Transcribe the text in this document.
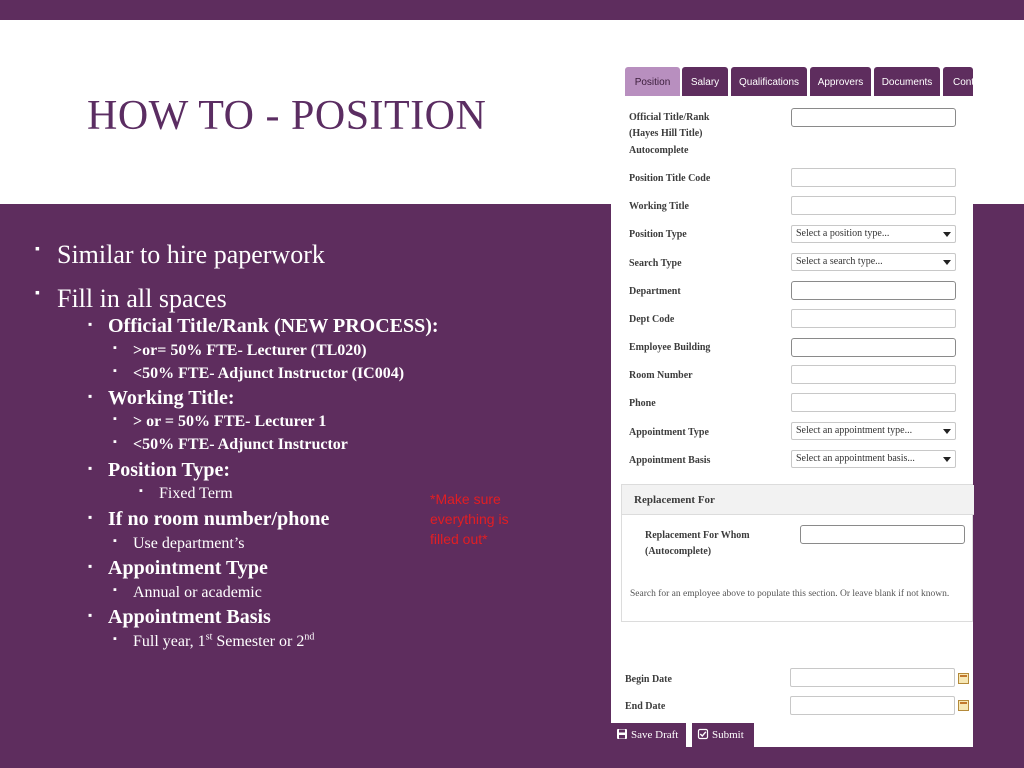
HOW TO - POSITION
▪ Similar to hire paperwork
▪ Fill in all spaces
▪ Official Title/Rank (NEW PROCESS):
▪ >or= 50% FTE- Lecturer (TL020)
▪ <50% FTE- Adjunct Instructor (IC004)
▪ Working Title:
▪ > or = 50% FTE- Lecturer 1
▪ <50% FTE- Adjunct Instructor
▪ Position Type:
▪ Fixed Term
▪ If no room number/phone
▪ Use department’s
▪ Appointment Type
▪ Annual or academic
▪ Appointment Basis
▪ Full year, 1st Semester or 2nd
*Make sure everything is filled out*
Position	Salary	Qualifications	Approvers	Documents	Conti
Official Title/Rank
(Hayes Hill Title)
Autocomplete
Position Title Code
Working Title
Position Type	Select a position type...
Search Type	Select a search type...
Department
Dept Code
Employee Building
Room Number
Phone
Appointment Type	Select an appointment type...
Appointment Basis	Select an appointment basis...
Replacement For
Replacement For Whom
(Autocomplete)
Search for an employee above to populate this section. Or leave blank if not known.
Begin Date
End Date
Save Draft	Submit
